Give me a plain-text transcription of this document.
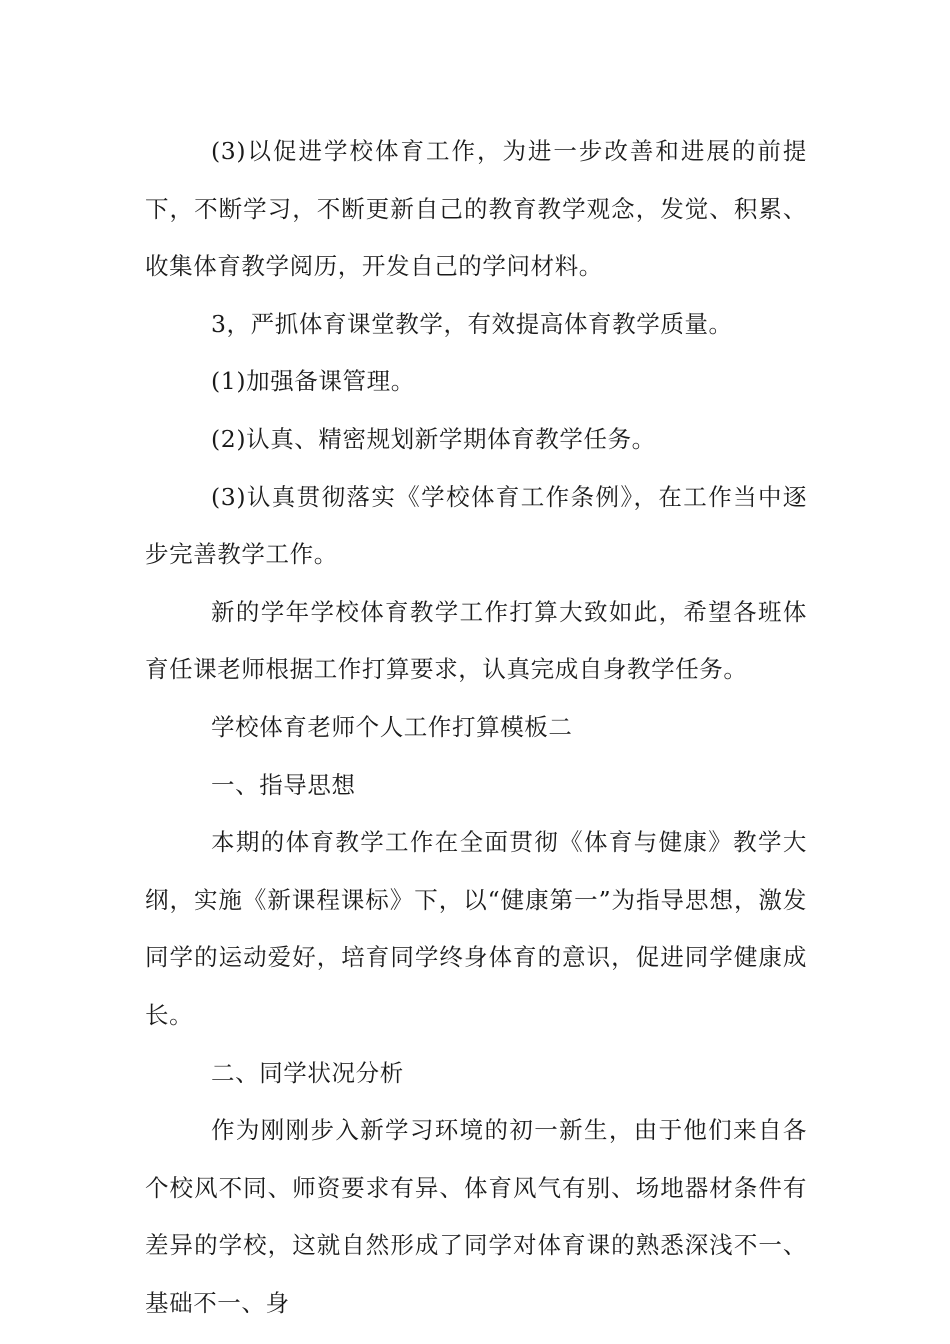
(3)以促进学校体育工作，为进一步改善和进展的前提下，不断学习，不断更新自己的教育教学观念，发觉、积累、收集体育教学阅历，开发自己的学问材料。

3，严抓体育课堂教学，有效提高体育教学质量。

(1)加强备课管理。

(2)认真、精密规划新学期体育教学任务。

(3)认真贯彻落实《学校体育工作条例》，在工作当中逐步完善教学工作。

新的学年学校体育教学工作打算大致如此，希望各班体育任课老师根据工作打算要求，认真完成自身教学任务。

学校体育老师个人工作打算模板二

一、指导思想

本期的体育教学工作在全面贯彻《体育与健康》教学大纲，实施《新课程课标》下，以“健康第一”为指导思想，激发同学的运动爱好，培育同学终身体育的意识，促进同学健康成长。

二、同学状况分析

作为刚刚步入新学习环境的初一新生，由于他们来自各个校风不同、师资要求有异、体育风气有别、场地器材条件有差异的学校，这就自然形成了同学对体育课的熟悉深浅不一、基础不一、身
